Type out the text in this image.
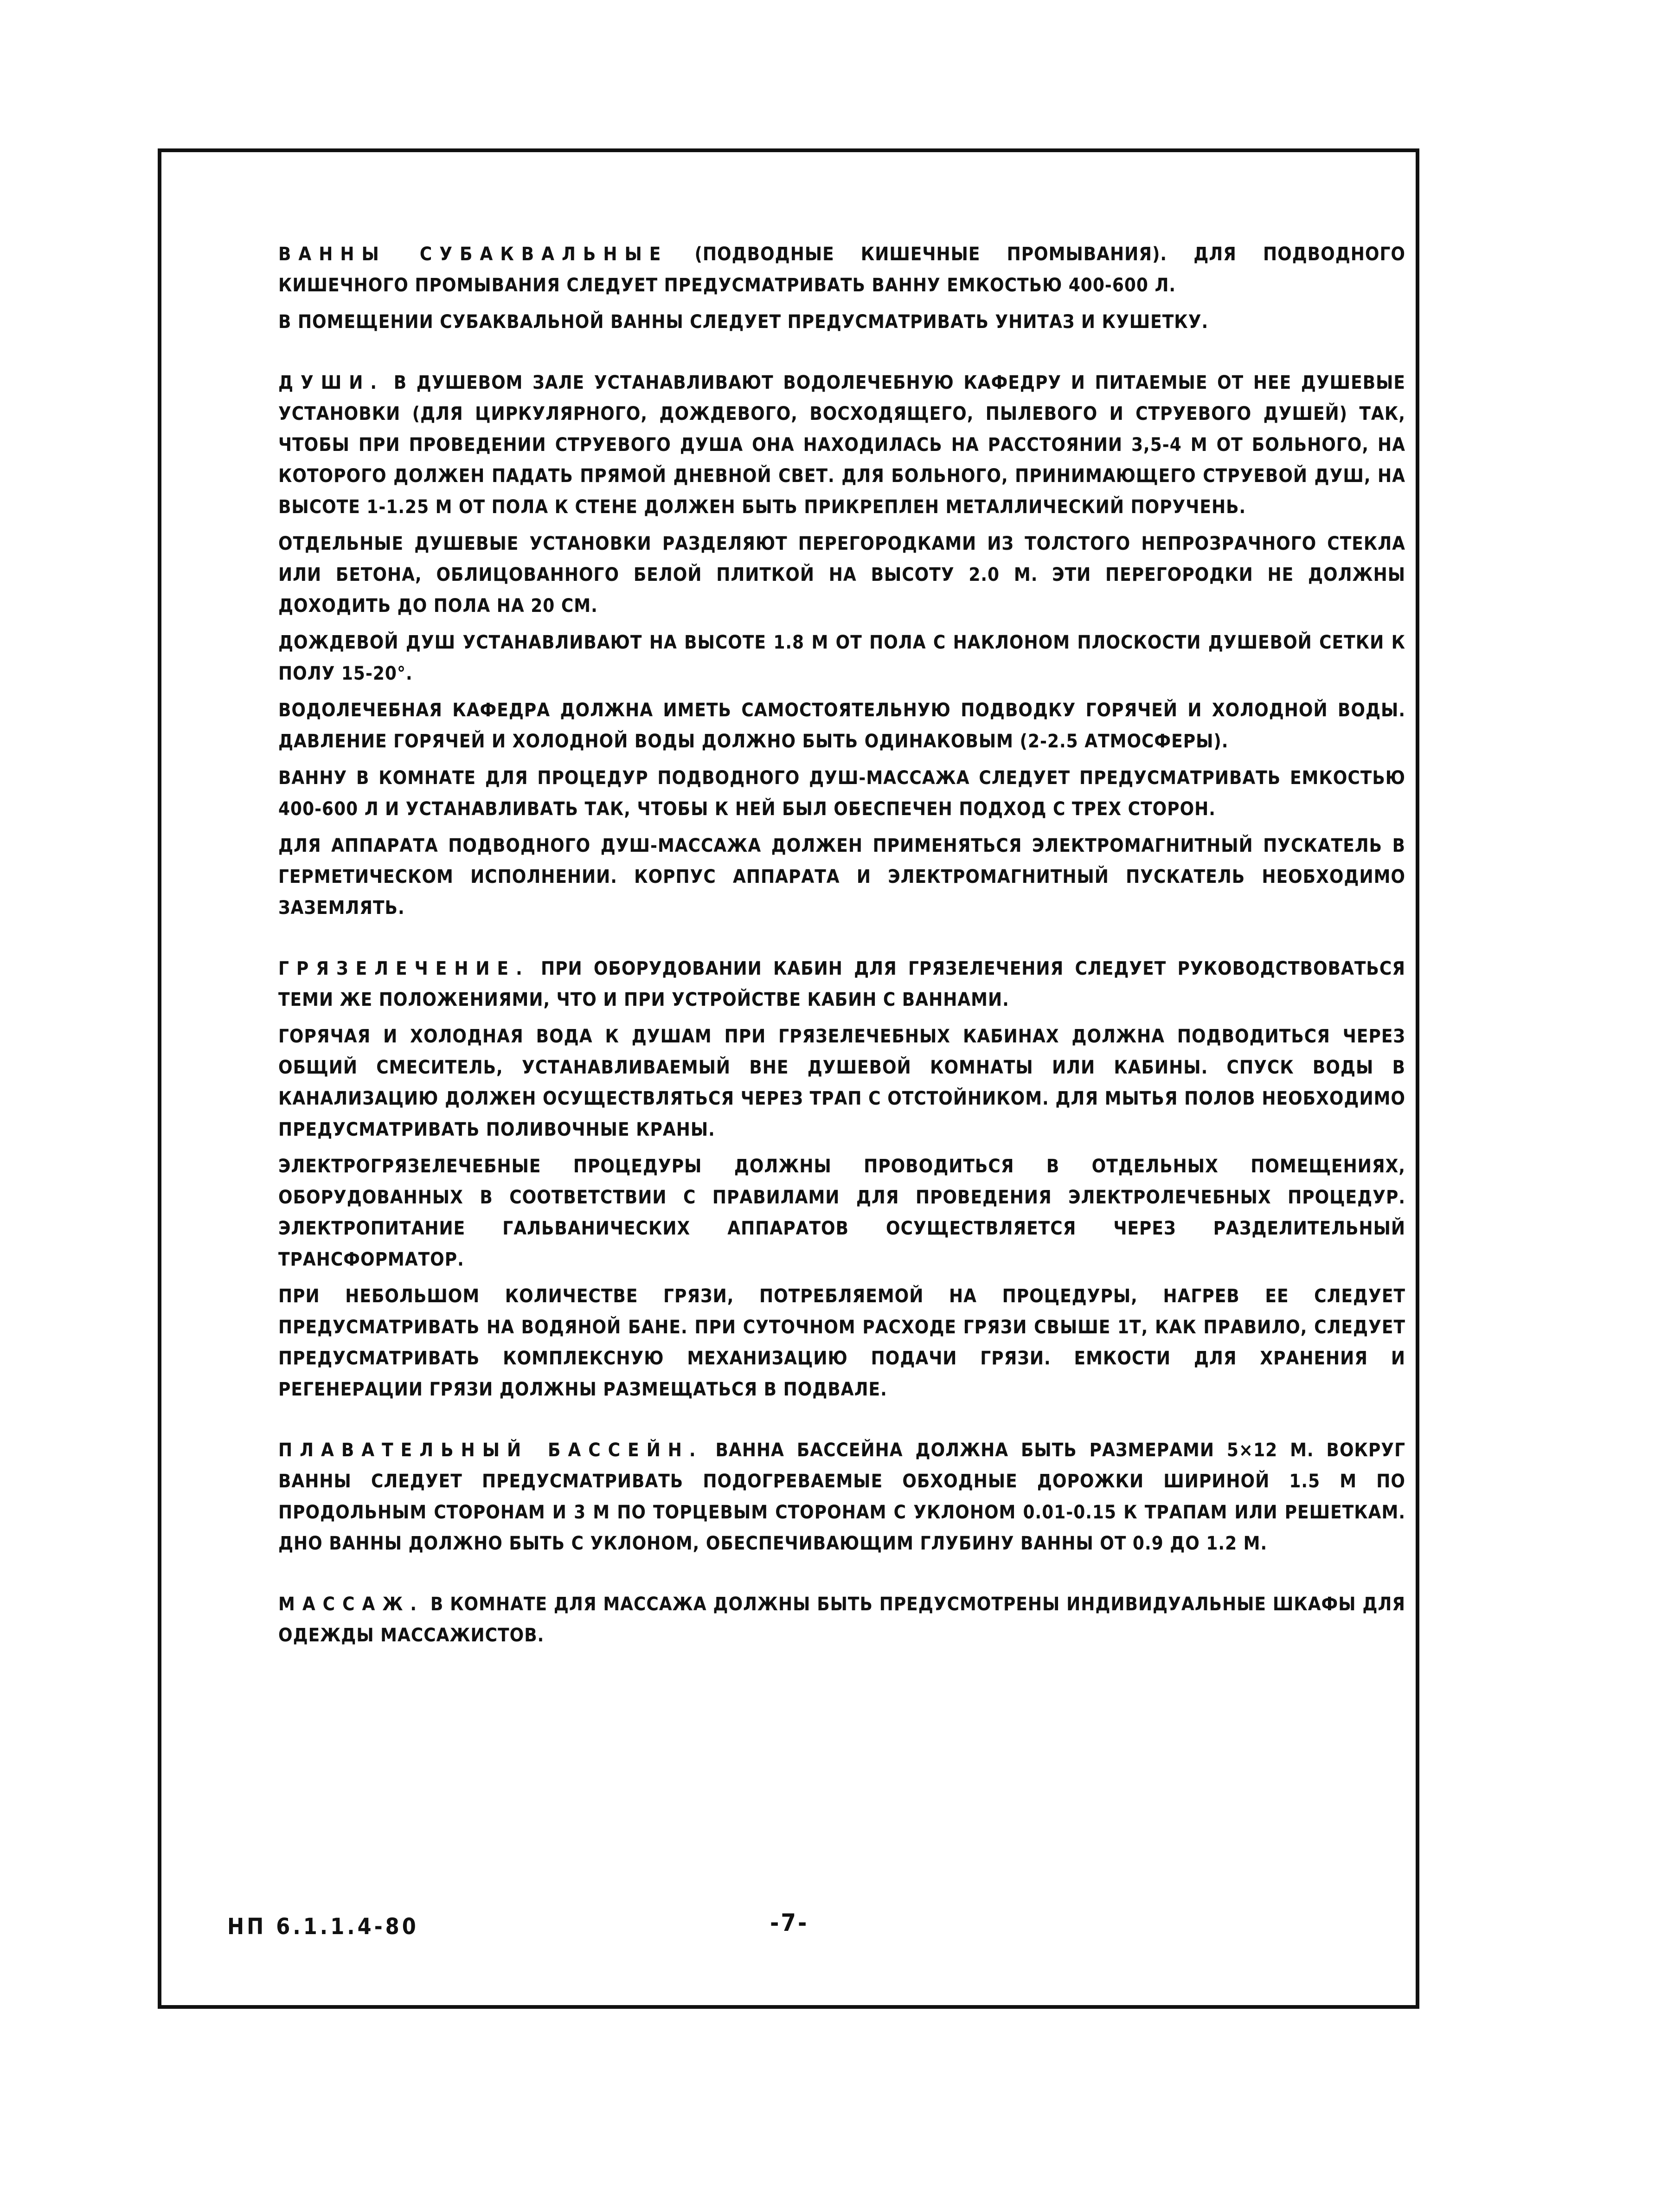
ВАННЫ СУБАКВАЛЬНЫЕ (ПОДВОДНЫЕ КИШЕЧНЫЕ ПРОМЫВАНИЯ). ДЛЯ ПОДВОДНОГО КИШЕЧНОГО ПРОМЫВАНИЯ СЛЕДУЕТ ПРЕДУСМАТРИВАТЬ ВАННУ ЕМКОСТЬЮ 400-600 Л.

В ПОМЕЩЕНИИ СУБАКВАЛЬНОЙ ВАННЫ СЛЕДУЕТ ПРЕДУСМАТРИВАТЬ УНИТАЗ И КУШЕТКУ.

ДУШИ. В ДУШЕВОМ ЗАЛЕ УСТАНАВЛИВАЮТ ВОДОЛЕЧЕБНУЮ КАФЕДРУ И ПИТАЕМЫЕ ОТ НЕЕ ДУШЕВЫЕ УСТАНОВКИ (ДЛЯ ЦИРКУЛЯРНОГО, ДОЖДЕВОГО, ВОСХОДЯЩЕГО, ПЫЛЕВОГО И СТРУЕВОГО ДУШЕЙ) ТАК, ЧТОБЫ ПРИ ПРОВЕДЕНИИ СТРУЕВОГО ДУША ОНА НАХОДИЛАСЬ НА РАССТОЯНИИ 3,5-4 М ОТ БОЛЬНОГО, НА КОТОРОГО ДОЛЖЕН ПАДАТЬ ПРЯМОЙ ДНЕВНОЙ СВЕТ. ДЛЯ БОЛЬНОГО, ПРИНИМАЮЩЕГО СТРУЕВОЙ ДУШ, НА ВЫСОТЕ 1-1.25 М ОТ ПОЛА К СТЕНЕ ДОЛЖЕН БЫТЬ ПРИКРЕПЛЕН МЕТАЛЛИЧЕСКИЙ ПОРУЧЕНЬ.

ОТДЕЛЬНЫЕ ДУШЕВЫЕ УСТАНОВКИ РАЗДЕЛЯЮТ ПЕРЕГОРОДКАМИ ИЗ ТОЛСТОГО НЕПРОЗРАЧНОГО СТЕКЛА ИЛИ БЕТОНА, ОБЛИЦОВАННОГО БЕЛОЙ ПЛИТКОЙ НА ВЫСОТУ 2.0 М. ЭТИ ПЕРЕГОРОДКИ НЕ ДОЛЖНЫ ДОХОДИТЬ ДО ПОЛА НА 20 СМ.

ДОЖДЕВОЙ ДУШ УСТАНАВЛИВАЮТ НА ВЫСОТЕ 1.8 М ОТ ПОЛА С НАКЛОНОМ ПЛОСКОСТИ ДУШЕВОЙ СЕТКИ К ПОЛУ 15-20°.

ВОДОЛЕЧЕБНАЯ КАФЕДРА ДОЛЖНА ИМЕТЬ САМОСТОЯТЕЛЬНУЮ ПОДВОДКУ ГОРЯЧЕЙ И ХОЛОДНОЙ ВОДЫ. ДАВЛЕНИЕ ГОРЯЧЕЙ И ХОЛОДНОЙ ВОДЫ ДОЛЖНО БЫТЬ ОДИНАКОВЫМ (2-2.5 АТМОСФЕРЫ).

ВАННУ В КОМНАТЕ ДЛЯ ПРОЦЕДУР ПОДВОДНОГО ДУШ-МАССАЖА СЛЕДУЕТ ПРЕДУСМАТРИВАТЬ ЕМКОСТЬЮ 400-600 Л И УСТАНАВЛИВАТЬ ТАК, ЧТОБЫ К НЕЙ БЫЛ ОБЕСПЕЧЕН ПОДХОД С ТРЕХ СТОРОН.

ДЛЯ АППАРАТА ПОДВОДНОГО ДУШ-МАССАЖА ДОЛЖЕН ПРИМЕНЯТЬСЯ ЭЛЕКТРОМАГНИТНЫЙ ПУСКАТЕЛЬ В ГЕРМЕТИЧЕСКОМ ИСПОЛНЕНИИ. КОРПУС АППАРАТА И ЭЛЕКТРОМАГНИТНЫЙ ПУСКАТЕЛЬ НЕОБХОДИМО ЗАЗЕМЛЯТЬ.

ГРЯЗЕЛЕЧЕНИЕ. ПРИ ОБОРУДОВАНИИ КАБИН ДЛЯ ГРЯЗЕЛЕЧЕНИЯ СЛЕДУЕТ РУКОВОДСТВОВАТЬСЯ ТЕМИ ЖЕ ПОЛОЖЕНИЯМИ, ЧТО И ПРИ УСТРОЙСТВЕ КАБИН С ВАННАМИ.

ГОРЯЧАЯ И ХОЛОДНАЯ ВОДА К ДУШАМ ПРИ ГРЯЗЕЛЕЧЕБНЫХ КАБИНАХ ДОЛЖНА ПОДВОДИТЬСЯ ЧЕРЕЗ ОБЩИЙ СМЕСИТЕЛЬ, УСТАНАВЛИВАЕМЫЙ ВНЕ ДУШЕВОЙ КОМНАТЫ ИЛИ КАБИНЫ. СПУСК ВОДЫ В КАНАЛИЗАЦИЮ ДОЛЖЕН ОСУЩЕСТВЛЯТЬСЯ ЧЕРЕЗ ТРАП С ОТСТОЙНИКОМ. ДЛЯ МЫТЬЯ ПОЛОВ НЕОБХОДИМО ПРЕДУСМАТРИВАТЬ ПОЛИВОЧНЫЕ КРАНЫ.

ЭЛЕКТРОГРЯЗЕЛЕЧЕБНЫЕ ПРОЦЕДУРЫ ДОЛЖНЫ ПРОВОДИТЬСЯ В ОТДЕЛЬНЫХ ПОМЕЩЕНИЯХ, ОБОРУДОВАННЫХ В СООТВЕТСТВИИ С ПРАВИЛАМИ ДЛЯ ПРОВЕДЕНИЯ ЭЛЕКТРОЛЕЧЕБНЫХ ПРОЦЕДУР. ЭЛЕКТРОПИТАНИЕ ГАЛЬВАНИЧЕСКИХ АППАРАТОВ ОСУЩЕСТВЛЯЕТСЯ ЧЕРЕЗ РАЗДЕЛИТЕЛЬНЫЙ ТРАНСФОРМАТОР.

ПРИ НЕБОЛЬШОМ КОЛИЧЕСТВЕ ГРЯЗИ, ПОТРЕБЛЯЕМОЙ НА ПРОЦЕДУРЫ, НАГРЕВ ЕЕ СЛЕДУЕТ ПРЕДУСМАТРИВАТЬ НА ВОДЯНОЙ БАНЕ. ПРИ СУТОЧНОМ РАСХОДЕ ГРЯЗИ СВЫШЕ 1Т, КАК ПРАВИЛО, СЛЕДУЕТ ПРЕДУСМАТРИВАТЬ КОМПЛЕКСНУЮ МЕХАНИЗАЦИЮ ПОДАЧИ ГРЯЗИ. ЕМКОСТИ ДЛЯ ХРАНЕНИЯ И РЕГЕНЕРАЦИИ ГРЯЗИ ДОЛЖНЫ РАЗМЕЩАТЬСЯ В ПОДВАЛЕ.

ПЛАВАТЕЛЬНЫЙ БАССЕЙН. ВАННА БАССЕЙНА ДОЛЖНА БЫТЬ РАЗМЕРАМИ 5×12 М. ВОКРУГ ВАННЫ СЛЕДУЕТ ПРЕДУСМАТРИВАТЬ ПОДОГРЕВАЕМЫЕ ОБХОДНЫЕ ДОРОЖКИ ШИРИНОЙ 1.5 М ПО ПРОДОЛЬНЫМ СТОРОНАМ И 3 М ПО ТОРЦЕВЫМ СТОРОНАМ С УКЛОНОМ 0.01-0.15 К ТРАПАМ ИЛИ РЕШЕТКАМ. ДНО ВАННЫ ДОЛЖНО БЫТЬ С УКЛОНОМ, ОБЕСПЕЧИВАЮЩИМ ГЛУБИНУ ВАННЫ ОТ 0.9 ДО 1.2 М.

МАССАЖ. В КОМНАТЕ ДЛЯ МАССАЖА ДОЛЖНЫ БЫТЬ ПРЕДУСМОТРЕНЫ ИНДИВИДУАЛЬНЫЕ ШКАФЫ ДЛЯ ОДЕЖДЫ МАССАЖИСТОВ.

НП 6.1.1.4-80	-7-
